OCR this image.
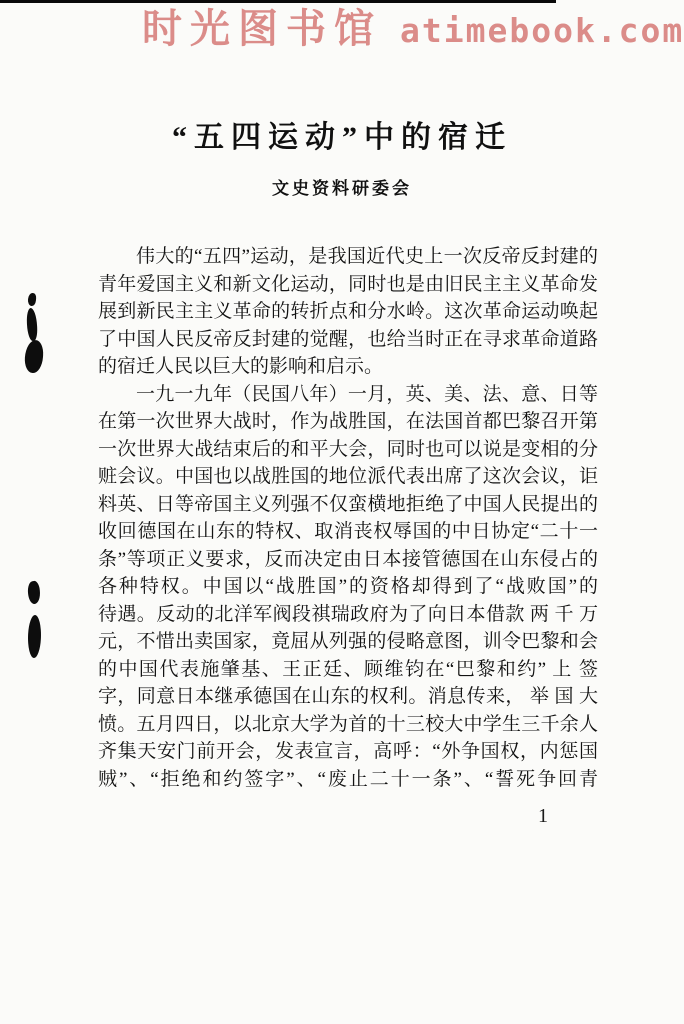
时光图书馆 atimebook.com
“五四运动”中的宿迁
文史资料研委会
伟大的“五四”运动，是我国近代史上一次反帝反封建的
青年爱国主义和新文化运动，同时也是由旧民主主义革命发
展到新民主主义革命的转折点和分水岭。这次革命运动唤起
了中国人民反帝反封建的觉醒，也给当时正在寻求革命道路
的宿迁人民以巨大的影响和启示。
一九一九年（民国八年）一月，英、美、法、意、日等
在第一次世界大战时，作为战胜国，在法国首都巴黎召开第
一次世界大战结束后的和平大会，同时也可以说是变相的分
赃会议。中国也以战胜国的地位派代表出席了这次会议，讵
料英、日等帝国主义列强不仅蛮横地拒绝了中国人民提出的
收回德国在山东的特权、取消丧权辱国的中日协定“二十一
条”等项正义要求，反而决定由日本接管德国在山东侵占的
各种特权。中国以“战胜国”的资格却得到了“战败国”的
待遇。反动的北洋军阀段祺瑞政府为了向日本借款 两 千 万
元，不惜出卖国家，竟屈从列强的侵略意图，训令巴黎和会
的中国代表施肇基、王正廷、顾维钧在“巴黎和约” 上 签
字，同意日本继承德国在山东的权利。消息传来， 举 国 大
愤。五月四日，以北京大学为首的十三校大中学生三千余人
齐集天安门前开会，发表宣言，高呼：“外争国权，内惩国
贼”、“拒绝和约签字”、“废止二十一条”、“誓死争回青
1
